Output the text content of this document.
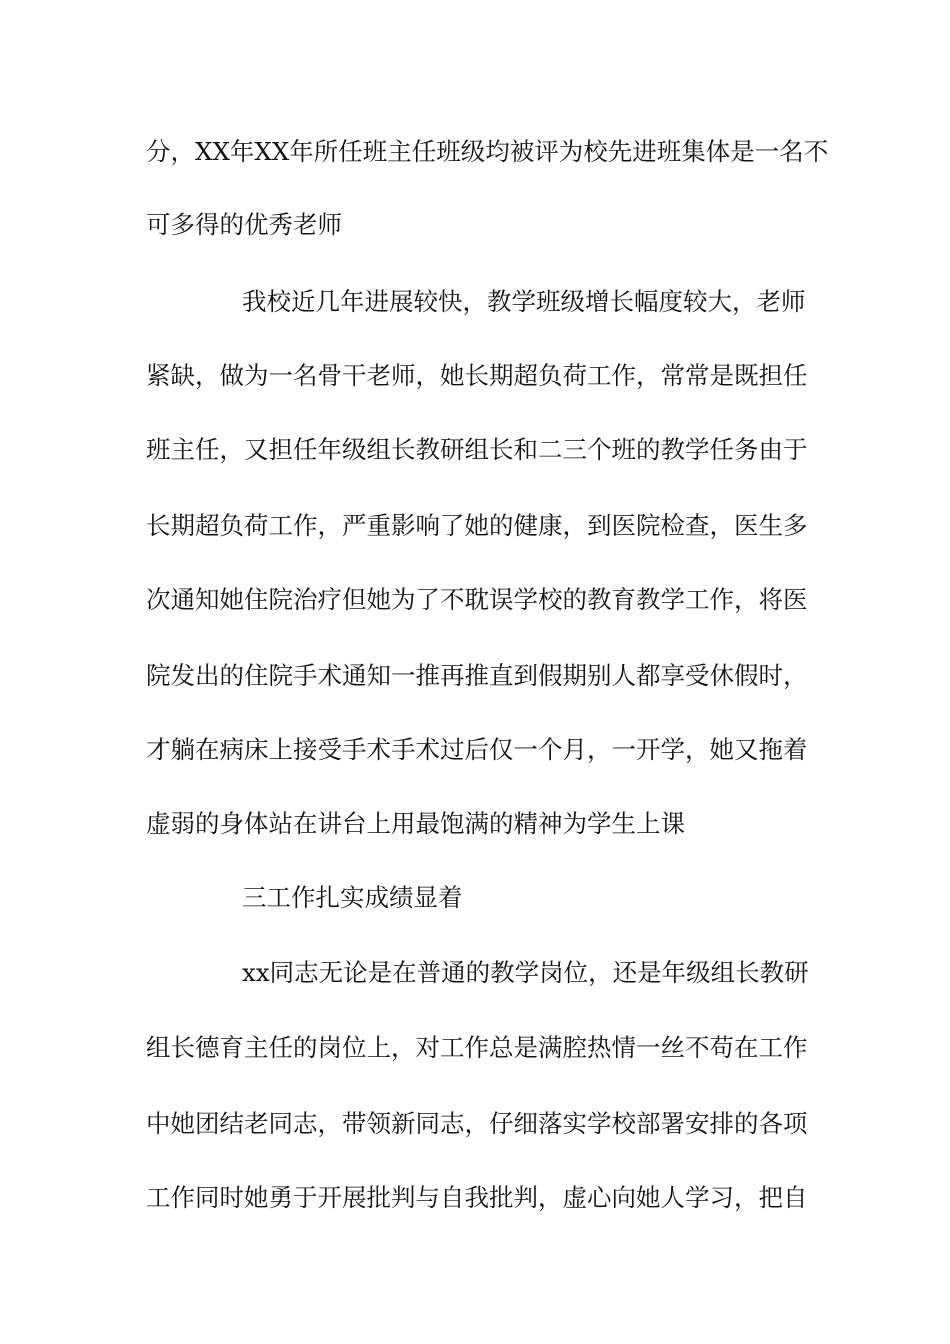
分，XX年XX年所任班主任班级均被评为校先进班集体是一名不
可多得的优秀老师
我校近几年进展较快，教学班级增长幅度较大，老师
紧缺，做为一名骨干老师，她长期超负荷工作，常常是既担任
班主任，又担任年级组长教研组长和二三个班的教学任务由于
长期超负荷工作，严重影响了她的健康，到医院检查，医生多
次通知她住院治疗但她为了不耽误学校的教育教学工作，将医
院发出的住院手术通知一推再推直到假期别人都享受休假时，
才躺在病床上接受手术手术过后仅一个月，一开学，她又拖着
虚弱的身体站在讲台上用最饱满的精神为学生上课
三工作扎实成绩显着
xx同志无论是在普通的教学岗位，还是年级组长教研
组长德育主任的岗位上，对工作总是满腔热情一丝不苟在工作
中她团结老同志，带领新同志，仔细落实学校部署安排的各项
工作同时她勇于开展批判与自我批判，虚心向她人学习，把自
